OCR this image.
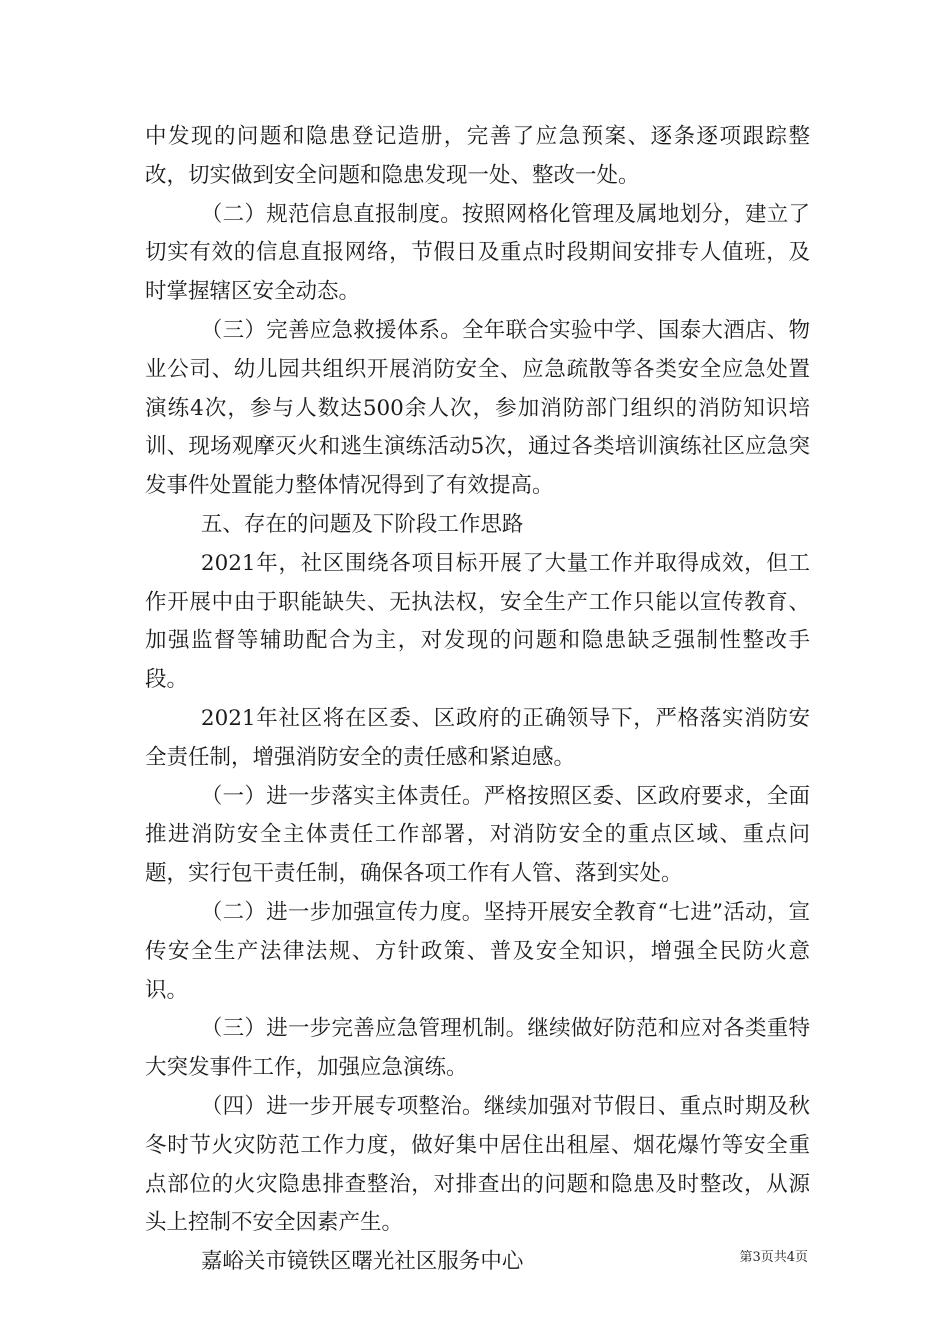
中发现的问题和隐患登记造册，完善了应急预案、逐条逐项跟踪整改，切实做到安全问题和隐患发现一处、整改一处。

（二）规范信息直报制度。按照网格化管理及属地划分，建立了切实有效的信息直报网络，节假日及重点时段期间安排专人值班，及时掌握辖区安全动态。

（三）完善应急救援体系。全年联合实验中学、国泰大酒店、物业公司、幼儿园共组织开展消防安全、应急疏散等各类安全应急处置演练4次，参与人数达500余人次，参加消防部门组织的消防知识培训、现场观摩灭火和逃生演练活动5次，通过各类培训演练社区应急突发事件处置能力整体情况得到了有效提高。

五、存在的问题及下阶段工作思路

2021年，社区围绕各项目标开展了大量工作并取得成效，但工作开展中由于职能缺失、无执法权，安全生产工作只能以宣传教育、加强监督等辅助配合为主，对发现的问题和隐患缺乏强制性整改手段。

2021年社区将在区委、区政府的正确领导下，严格落实消防安全责任制，增强消防安全的责任感和紧迫感。

（一）进一步落实主体责任。严格按照区委、区政府要求，全面推进消防安全主体责任工作部署，对消防安全的重点区域、重点问题，实行包干责任制，确保各项工作有人管、落到实处。

（二）进一步加强宣传力度。坚持开展安全教育“七进”活动，宣传安全生产法律法规、方针政策、普及安全知识，增强全民防火意识。

（三）进一步完善应急管理机制。继续做好防范和应对各类重特大突发事件工作，加强应急演练。

（四）进一步开展专项整治。继续加强对节假日、重点时期及秋冬时节火灾防范工作力度，做好集中居住出租屋、烟花爆竹等安全重点部位的火灾隐患排查整治，对排查出的问题和隐患及时整改，从源头上控制不安全因素产生。

嘉峪关市镜铁区曙光社区服务中心	第3页共4页
